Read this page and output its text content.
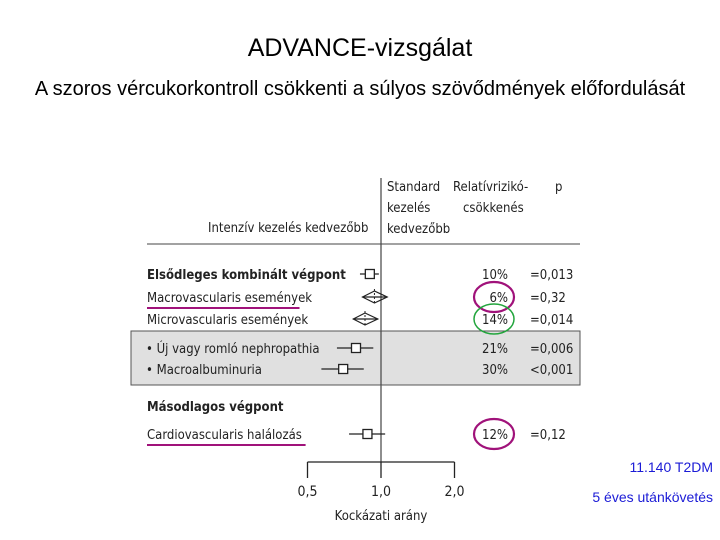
ADVANCE-vizsgálat
A szoros vércukorkontroll csökkenti a súlyos szövődmények előfordulását
Intenzív kezelés kedvezőbb
Standard
kezelés
kedvezőbb
Relatívrizikó-
csökkenés
p
Elsődleges kombinált végpont	10% =0,013
Macrovascularis események	6% =0,32
Microvascularis események	14% =0,014
• Új vagy romló nephropathia	21% =0,006
• Macroalbuminuria	30% <0,001
Másodlagos végpont
Cardiovascularis halálozás	12% =0,12
0,5	1,0	2,0
Kockázati arány
11.140 T2DM
5 éves utánkövetés
